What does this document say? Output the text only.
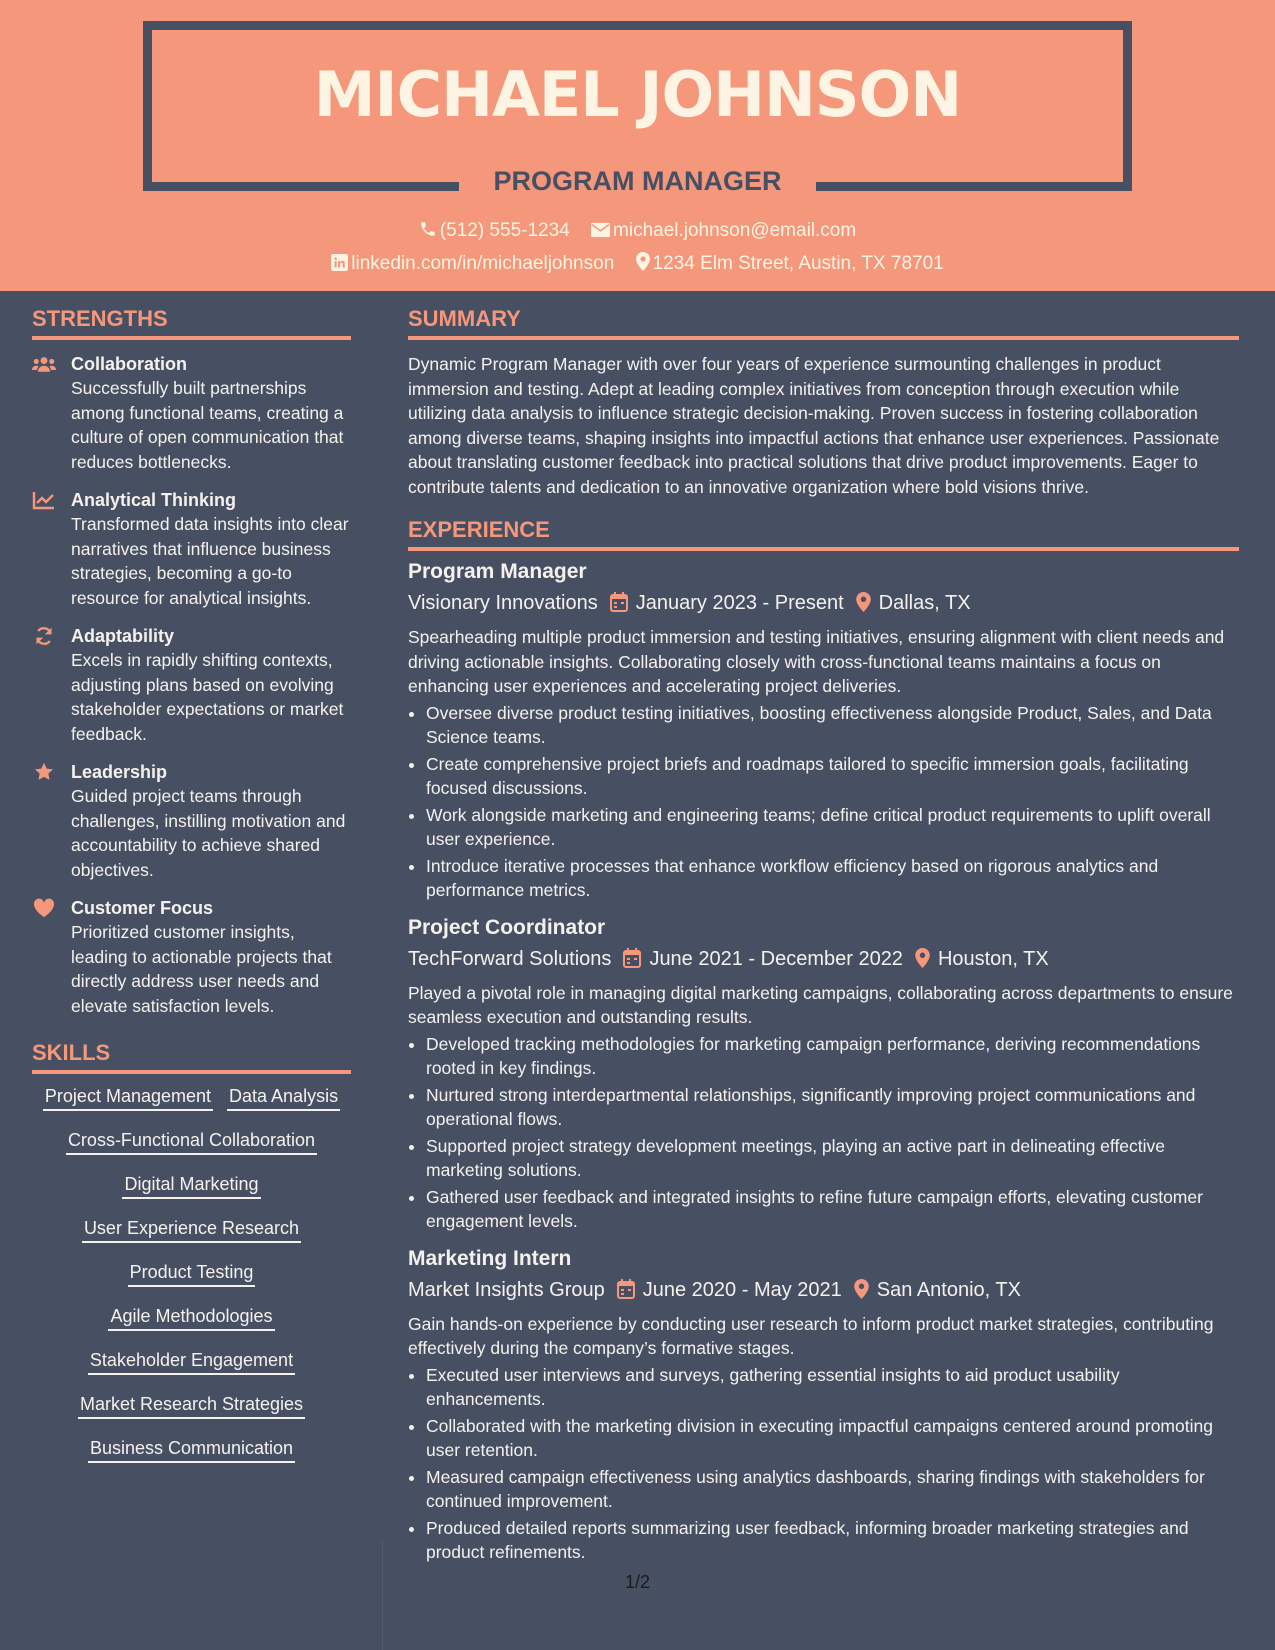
MICHAEL JOHNSON
PROGRAM MANAGER
(512) 555-1234 michael.johnson@email.com
linkedin.com/in/michaeljohnson 1234 Elm Street, Austin, TX 78701
STRENGTHS
Collaboration
Successfully built partnerships among functional teams, creating a culture of open communication that reduces bottlenecks.
Analytical Thinking
Transformed data insights into clear narratives that influence business strategies, becoming a go-to resource for analytical insights.
Adaptability
Excels in rapidly shifting contexts, adjusting plans based on evolving stakeholder expectations or market feedback.
Leadership
Guided project teams through challenges, instilling motivation and accountability to achieve shared objectives.
Customer Focus
Prioritized customer insights, leading to actionable projects that directly address user needs and elevate satisfaction levels.
SKILLS
Project Management Data Analysis
Cross-Functional Collaboration
Digital Marketing
User Experience Research
Product Testing
Agile Methodologies
Stakeholder Engagement
Market Research Strategies
Business Communication
SUMMARY
Dynamic Program Manager with over four years of experience surmounting challenges in product immersion and testing. Adept at leading complex initiatives from conception through execution while utilizing data analysis to influence strategic decision-making. Proven success in fostering collaboration among diverse teams, shaping insights into impactful actions that enhance user experiences. Passionate about translating customer feedback into practical solutions that drive product improvements. Eager to contribute talents and dedication to an innovative organization where bold visions thrive.
EXPERIENCE
Program Manager
Visionary Innovations January 2023 - Present Dallas, TX
Spearheading multiple product immersion and testing initiatives, ensuring alignment with client needs and driving actionable insights. Collaborating closely with cross-functional teams maintains a focus on enhancing user experiences and accelerating project deliveries.
• Oversee diverse product testing initiatives, boosting effectiveness alongside Product, Sales, and Data Science teams.
• Create comprehensive project briefs and roadmaps tailored to specific immersion goals, facilitating focused discussions.
• Work alongside marketing and engineering teams; define critical product requirements to uplift overall user experience.
• Introduce iterative processes that enhance workflow efficiency based on rigorous analytics and performance metrics.
Project Coordinator
TechForward Solutions June 2021 - December 2022 Houston, TX
Played a pivotal role in managing digital marketing campaigns, collaborating across departments to ensure seamless execution and outstanding results.
• Developed tracking methodologies for marketing campaign performance, deriving recommendations rooted in key findings.
• Nurtured strong interdepartmental relationships, significantly improving project communications and operational flows.
• Supported project strategy development meetings, playing an active part in delineating effective marketing solutions.
• Gathered user feedback and integrated insights to refine future campaign efforts, elevating customer engagement levels.
Marketing Intern
Market Insights Group June 2020 - May 2021 San Antonio, TX
Gain hands-on experience by conducting user research to inform product market strategies, contributing effectively during the company’s formative stages.
• Executed user interviews and surveys, gathering essential insights to aid product usability enhancements.
• Collaborated with the marketing division in executing impactful campaigns centered around promoting user retention.
• Measured campaign effectiveness using analytics dashboards, sharing findings with stakeholders for continued improvement.
• Produced detailed reports summarizing user feedback, informing broader marketing strategies and product refinements.
1/2
